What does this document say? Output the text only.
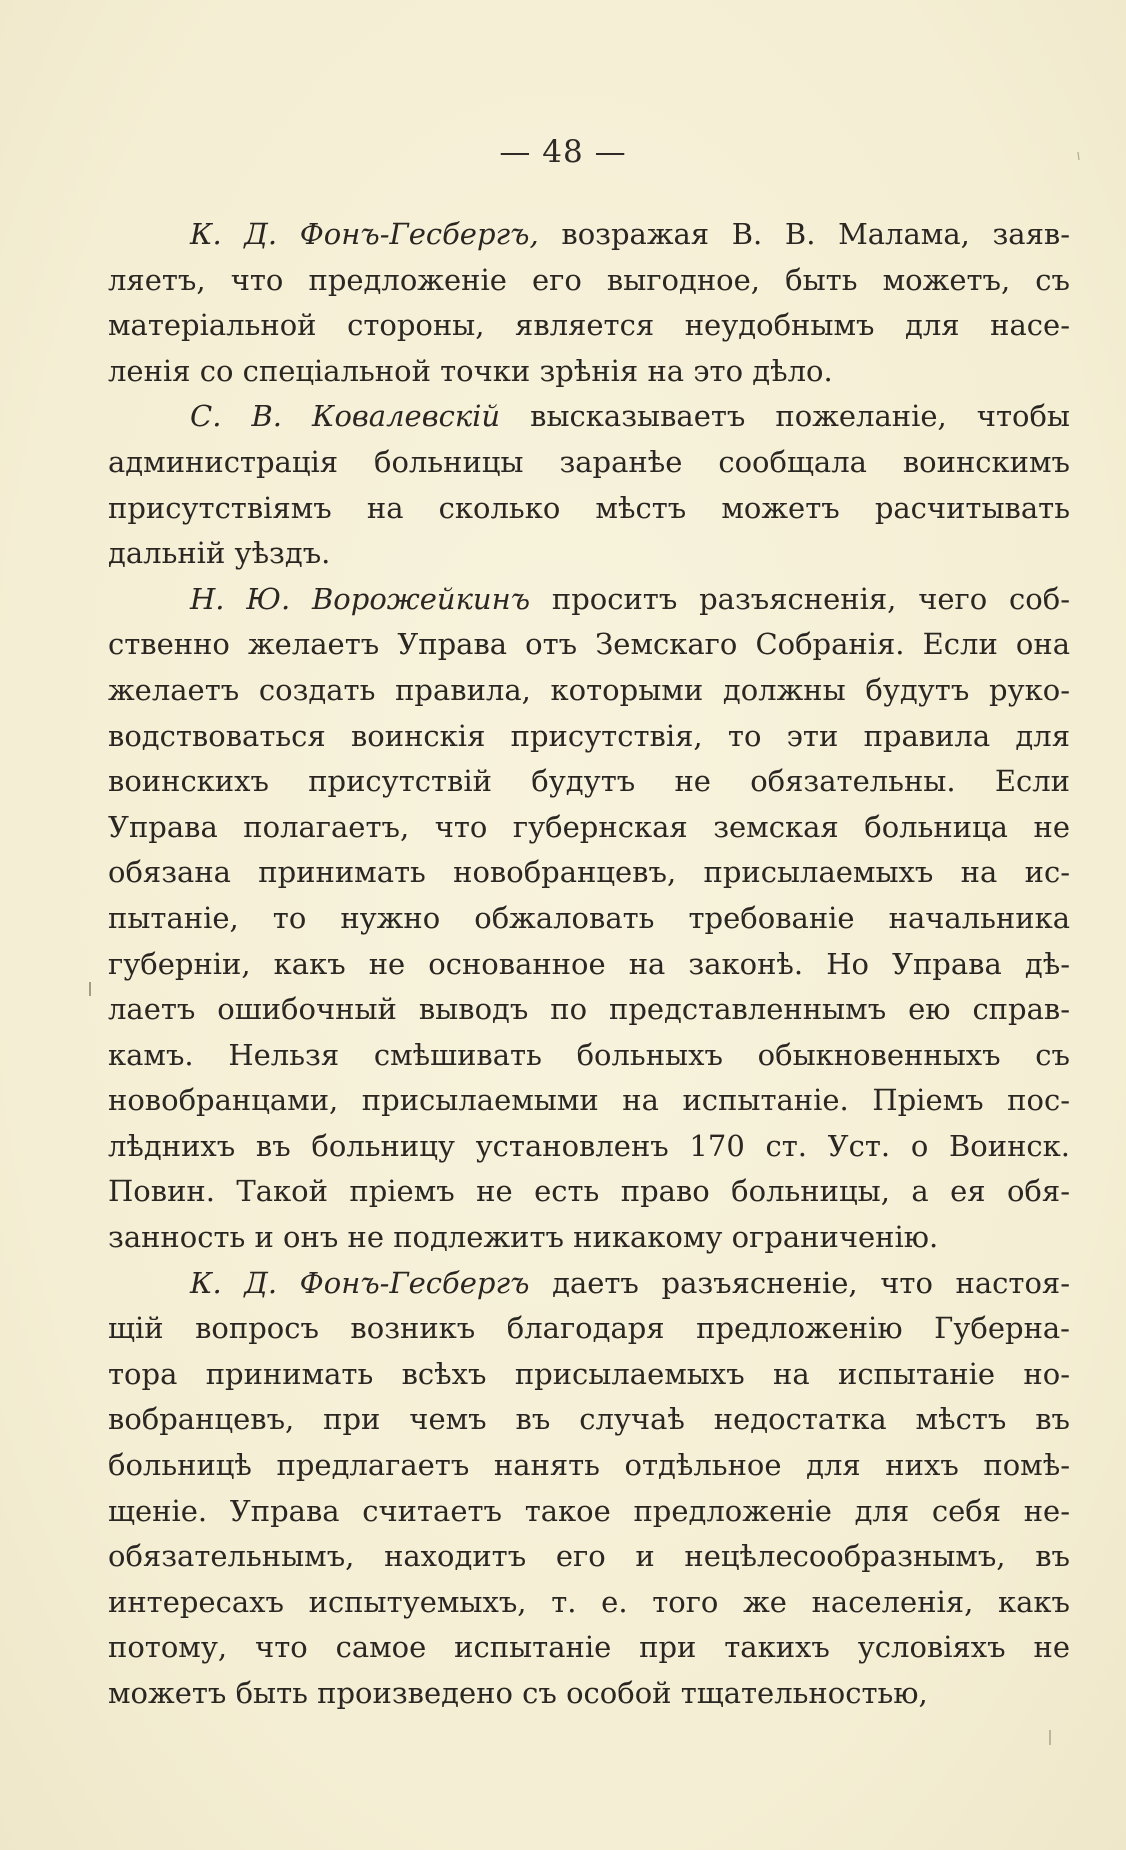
— 48 —
К. Д. Фонъ-Гесбергъ, возражая В. В. Малама, заяв-
ляетъ, что предложеніе его выгодное, быть можетъ, съ
матеріальной стороны, является неудобнымъ для насе-
ленія со спеціальной точки зрѣнія на это дѣло.
С. В. Ковалевскій высказываетъ пожеланіе, чтобы
администрація больницы заранѣе сообщала воинскимъ
присутствіямъ на сколько мѣстъ можетъ расчитывать
дальній уѣздъ.
Н. Ю. Ворожейкинъ проситъ разъясненія, чего соб-
ственно желаетъ Управа отъ Земскаго Собранія. Если она
желаетъ создать правила, которыми должны будутъ руко-
водствоваться воинскія присутствія, то эти правила для
воинскихъ присутствій будутъ не обязательны. Если
Управа полагаетъ, что губернская земская больница не
обязана принимать новобранцевъ, присылаемыхъ на ис-
пытаніе, то нужно обжаловать требованіе начальника
губерніи, какъ не основанное на законѣ. Но Управа дѣ-
лаетъ ошибочный выводъ по представленнымъ ею справ-
камъ. Нельзя смѣшивать больныхъ обыкновенныхъ съ
новобранцами, присылаемыми на испытаніе. Пріемъ пос-
лѣднихъ въ больницу установленъ 170 ст. Уст. о Воинск.
Повин. Такой пріемъ не есть право больницы, а ея обя-
занность и онъ не подлежитъ никакому ограниченію.
К. Д. Фонъ-Гесбергъ даетъ разъясненіе, что настоя-
щій вопросъ возникъ благодаря предложенію Губерна-
тора принимать всѣхъ присылаемыхъ на испытаніе но-
вобранцевъ, при чемъ въ случаѣ недостатка мѣстъ въ
больницѣ предлагаетъ нанять отдѣльное для нихъ помѣ-
щеніе. Управа считаетъ такое предложеніе для себя не-
обязательнымъ, находитъ его и нецѣлесообразнымъ, въ
интересахъ испытуемыхъ, т. е. того же населенія, какъ
потому, что самое испытаніе при такихъ условіяхъ не
можетъ быть произведено съ особой тщательностью,
